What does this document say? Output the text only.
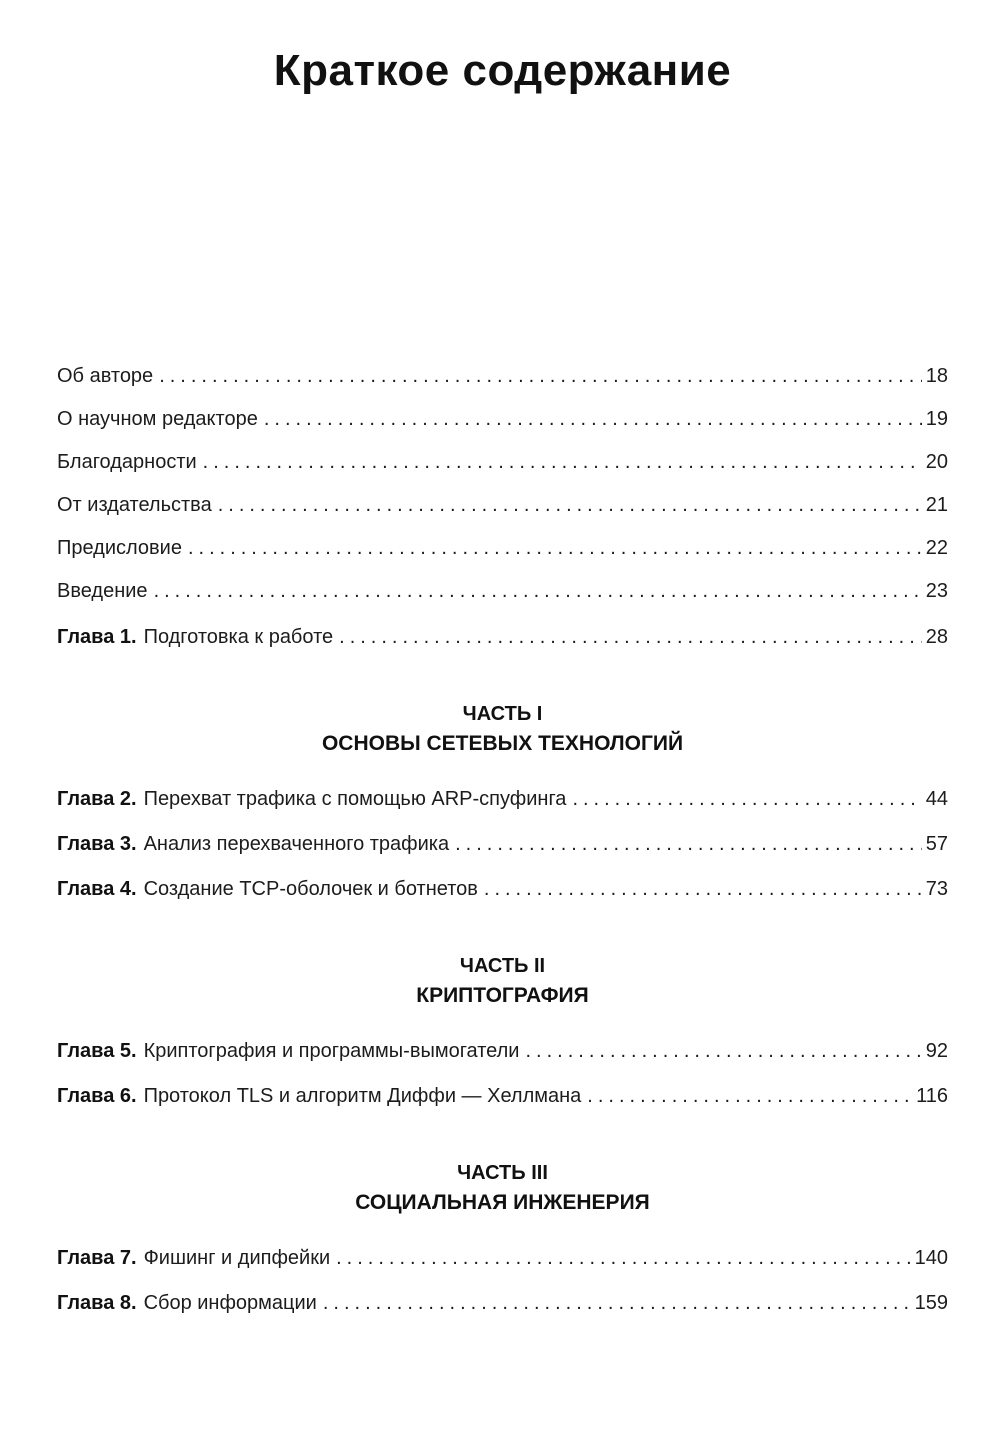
Краткое содержание
Об авторе .....	18
О научном редакторе .....	19
Благодарности .....	20
От издательства .....	21
Предисловие .....	22
Введение .....	23
Глава 1. Подготовка к работе .....	28
ЧАСТЬ I
ОСНОВЫ СЕТЕВЫХ ТЕХНОЛОГИЙ
Глава 2. Перехват трафика с помощью ARP-спуфинга .....	44
Глава 3. Анализ перехваченного трафика .....	57
Глава 4. Создание TCP-оболочек и ботнетов .....	73
ЧАСТЬ II
КРИПТОГРАФИЯ
Глава 5. Криптография и программы-вымогатели .....	92
Глава 6. Протокол TLS и алгоритм Диффи — Хеллмана .....	116
ЧАСТЬ III
СОЦИАЛЬНАЯ ИНЖЕНЕРИЯ
Глава 7. Фишинг и дипфейки .....	140
Глава 8. Сбор информации .....	159
